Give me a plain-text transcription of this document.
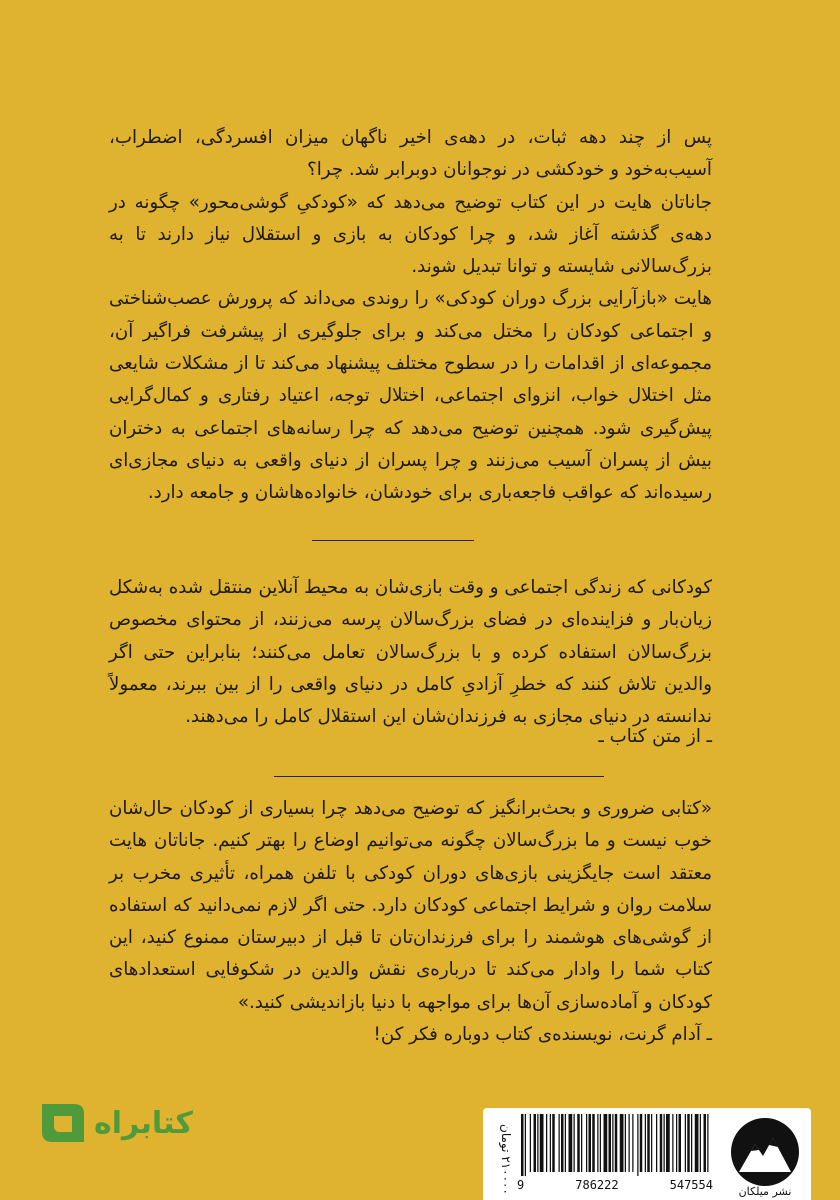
پس از چند دهه ثبات، در دهه‌ی اخیر ناگهان میزان افسردگی، اضطراب، آسیب‌به‌خود و خودکشی در نوجوانان دوبرابر شد. چرا؟

جاناتان هایت در این کتاب توضیح می‌دهد که «کودکیِ گوشی‌محور» چگونه در دهه‌ی گذشته آغاز شد، و چرا کودکان به بازی و استقلال نیاز دارند تا به بزرگ‌سالانی شایسته و توانا تبدیل شوند.

هایت «بازآرایی بزرگ دوران کودکی» را روندی می‌داند که پرورش عصب‌شناختی و اجتماعی کودکان را مختل می‌کند و برای جلوگیری از پیشرفت فراگیر آن، مجموعه‌ای از اقدامات را در سطوح مختلف پیشنهاد می‌کند تا از مشکلات شایعی مثل اختلال خواب، انزوای اجتماعی، اختلال توجه، اعتیاد رفتاری و کمال‌گرایی پیش‌گیری شود. همچنین توضیح می‌دهد که چرا رسانه‌های اجتماعی به دختران بیش از پسران آسیب می‌زنند و چرا پسران از دنیای واقعی به دنیای مجازی‌ای رسیده‌اند که عواقب فاجعه‌باری برای خودشان، خانواده‌هاشان و جامعه دارد.

کودکانی که زندگی اجتماعی و وقت بازی‌شان به محیط آنلاین منتقل شده به‌شکل زیان‌بار و فزاینده‌ای در فضای بزرگ‌سالان پرسه می‌زنند، از محتوای مخصوص بزرگ‌سالان استفاده کرده و با بزرگ‌سالان تعامل می‌کنند؛ بنابراین حتی اگر والدین تلاش کنند که خطرِ آزادیِ کامل در دنیای واقعی را از بین ببرند، معمولاً ندانسته در دنیای مجازی به فرزندان‌شان این استقلال کامل را می‌دهند.

ـ از متن کتاب ـ

«کتابی ضروری و بحث‌برانگیز که توضیح می‌دهد چرا بسیاری از کودکان حال‌شان خوب نیست و ما بزرگ‌سالان چگونه می‌توانیم اوضاع را بهتر کنیم. جاناتان هایت معتقد است جایگزینی بازی‌های دوران کودکی با تلفن همراه، تأثیری مخرب بر سلامت روان و شرایط اجتماعی کودکان دارد. حتی اگر لازم نمی‌دانید که استفاده از گوشی‌های هوشمند را برای فرزندان‌تان تا قبل از دبیرستان ممنوع کنید، این کتاب شما را وادار می‌کند تا درباره‌ی نقش والدین در شکوفایی استعدادهای کودکان و آماده‌سازی آن‌ها برای مواجهه با دنیا بازاندیشی کنید.»

ـ آدام گرنت، نویسنده‌ی کتاب دوباره فکر کن!

کتابراه	۲۱۰۰۰۰ تومان 9	786222	547554	نشر میلکان
